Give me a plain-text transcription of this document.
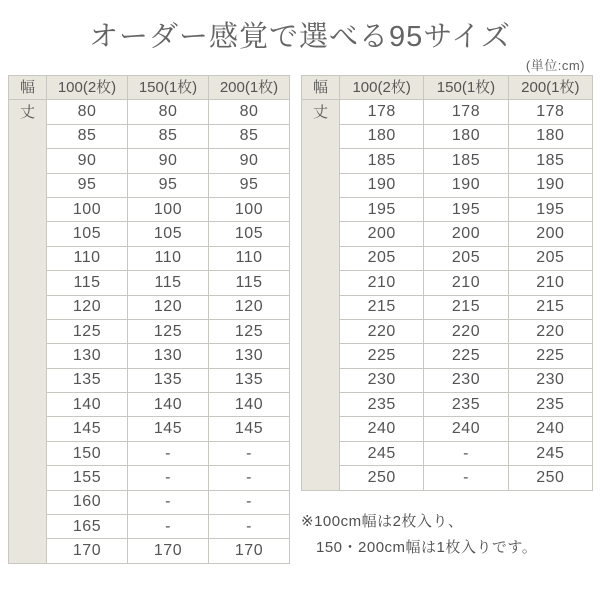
オーダー感覚で選べる95サイズ
(単位:cm)
幅	100(2枚)	150(1枚)	200(1枚)
丈	80	80	80
	85	85	85
	90	90	90
	95	95	95
	100	100	100
	105	105	105
	110	110	110
	115	115	115
	120	120	120
	125	125	125
	130	130	130
	135	135	135
	140	140	140
	145	145	145
	150	-	-
	155	-	-
	160	-	-
	165	-	-
	170	170	170
幅	100(2枚)	150(1枚)	200(1枚)
丈	178	178	178
	180	180	180
	185	185	185
	190	190	190
	195	195	195
	200	200	200
	205	205	205
	210	210	210
	215	215	215
	220	220	220
	225	225	225
	230	230	230
	235	235	235
	240	240	240
	245	-	245
	250	-	250
※100cm幅は2枚入り、
150・200cm幅は1枚入りです。
